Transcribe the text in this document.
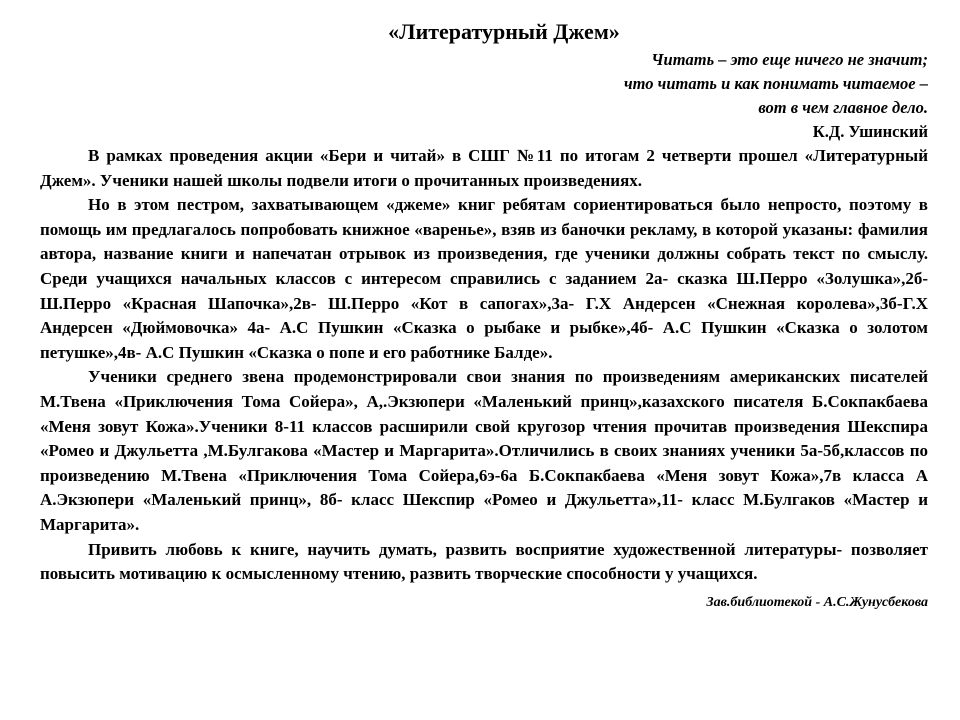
«Литературный Джем»
Читать – это еще ничего не значит;
что читать и как понимать читаемое –
вот в чем главное дело.
К.Д. Ушинский

В рамках проведения акции «Бери и читай» в СШГ №11 по итогам 2 четверти прошел «Литературный Джем». Ученики нашей школы подвели итоги о прочитанных произведениях.

Но в этом пестром, захватывающем «джеме» книг ребятам сориентироваться было непросто, поэтому в помощь им предлагалось попробовать книжное «варенье», взяв из баночки рекламу, в которой указаны: фамилия автора, название книги и напечатан отрывок из произведения, где ученики должны собрать текст по смыслу. Среди учащихся начальных классов с интересом справились с заданием 2а- сказка Ш.Перро «Золушка»,2б- Ш.Перро «Красная Шапочка»,2в- Ш.Перро «Кот в сапогах»,3а- Г.Х Андерсен «Снежная королева»,3б-Г.Х Андерсен «Дюймовочка» 4а- А.С Пушкин «Сказка о рыбаке и рыбке»,4б- А.С Пушкин «Сказка о золотом петушке»,4в- А.С Пушкин «Сказка о попе и его работнике Балде».

Ученики среднего звена продемонстрировали свои знания по произведениям американских писателей М.Твена «Приключения Тома Сойера», А,.Экзюпери «Маленький принц»,казахского писателя Б.Сокпакбаева «Меня зовут Кожа».Ученики 8-11 классов расширили свой кругозор чтения прочитав произведения Шекспира «Ромео и Джульетта ,М.Булгакова «Мастер и Маргарита».Отличились в своих знаниях ученики 5а-5б,классов по произведению М.Твена «Приключения Тома Сойера,6э-6а Б.Сокпакбаева «Меня зовут Кожа»,7в класса А А.Экзюпери «Маленький принц», 8б- класс Шекспир «Ромео и Джульетта»,11- класс М.Булгаков «Мастер и Маргарита».

Привить любовь к книге, научить думать, развить восприятие художественной литературы- позволяет повысить мотивацию к осмысленному чтению, развить творческие способности у учащихся.

Зав.библиотекой - А.С.Жунусбекова
